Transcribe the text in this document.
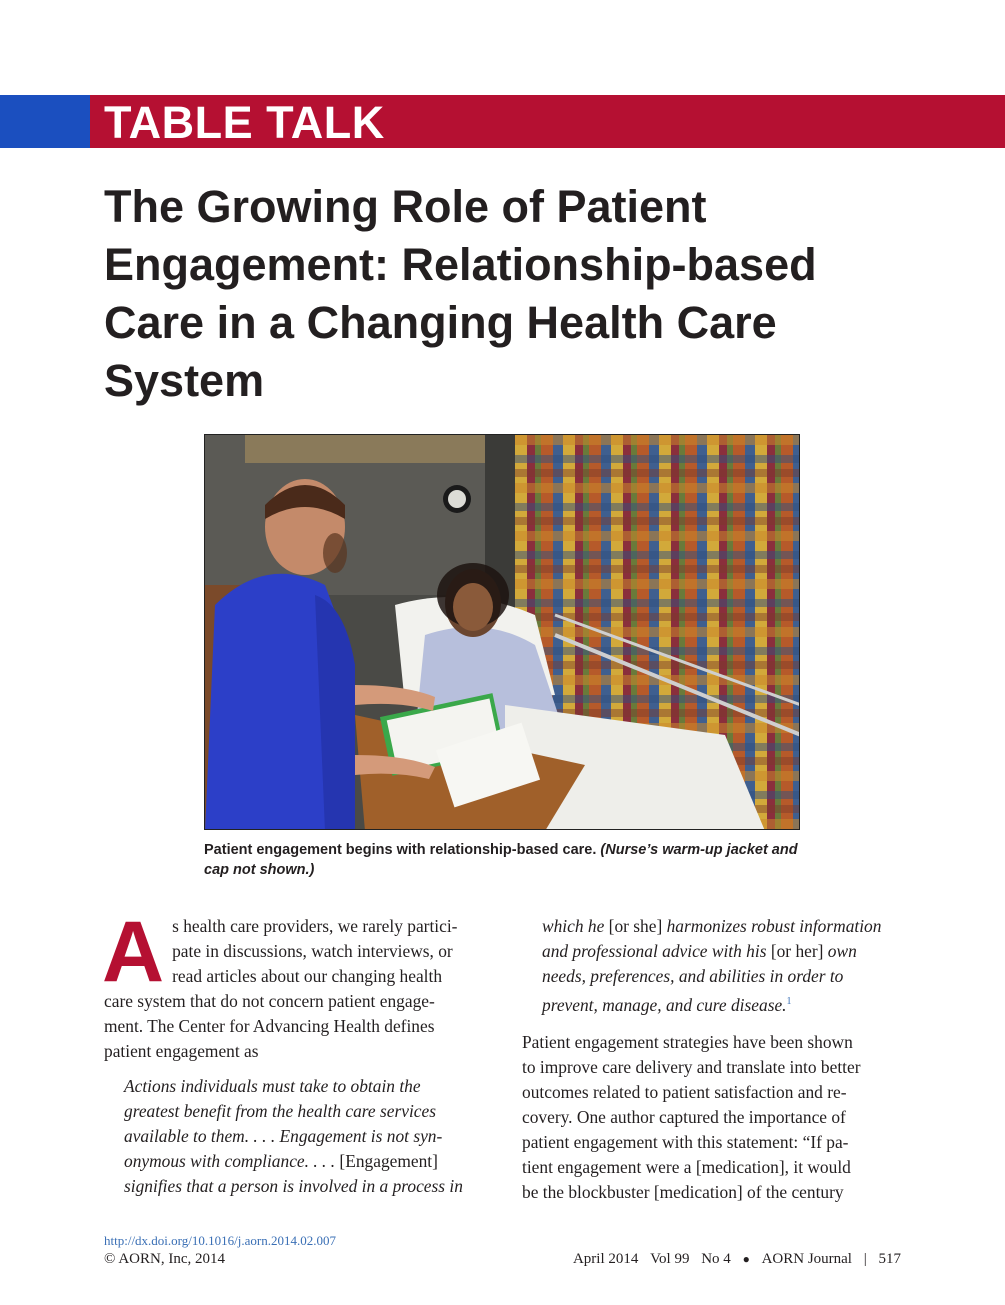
TABLE TALK
The Growing Role of Patient
Engagement: Relationship-based
Care in a Changing Health Care
System
Patient engagement begins with relationship-based care. (Nurse’s warm-up jacket and cap not shown.)
A s health care providers, we rarely partici-
pate in discussions, watch interviews, or
read articles about our changing health
care system that do not concern patient engage-
ment. The Center for Advancing Health defines
patient engagement as
Actions individuals must take to obtain the
greatest benefit from the health care services
available to them. . . . Engagement is not syn-
onymous with compliance. . . . [Engagement]
signifies that a person is involved in a process in
which he [or she] harmonizes robust information
and professional advice with his [or her] own
needs, preferences, and abilities in order to
prevent, manage, and cure disease.$^1$
Patient engagement strategies have been shown
to improve care delivery and translate into better
outcomes related to patient satisfaction and re-
covery. One author captured the importance of
patient engagement with this statement: “If pa-
tient engagement were a [medication], it would
be the blockbuster [medication] of the century
http://dx.doi.org/10.1016/j.aorn.2014.02.007
© AORN, Inc, 2014	April 2014 Vol 99 No 4 ● AORN Journal | 517
